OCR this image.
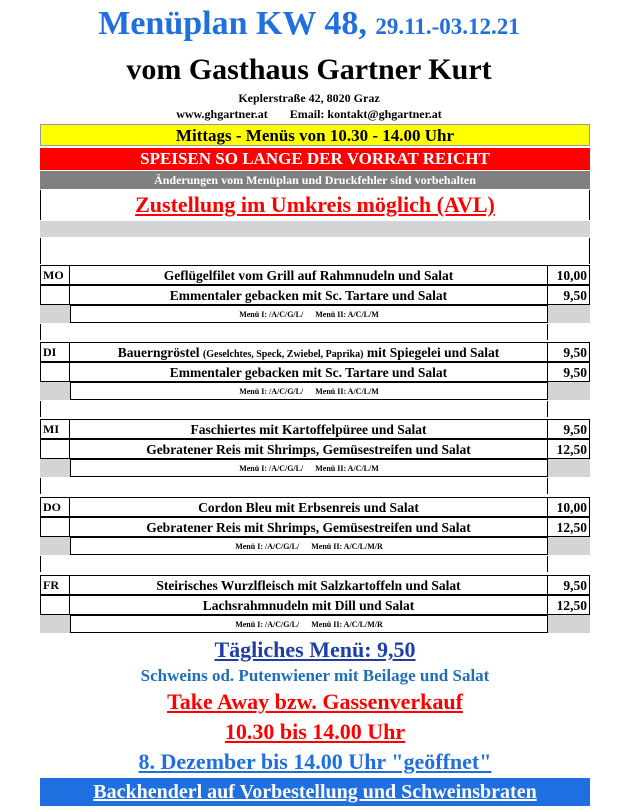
Menüplan KW 48, 29.11.-03.12.21
vom Gasthaus Gartner Kurt
Keplerstraße 42, 8020 Graz
www.ghgartner.at Email: kontakt@ghgartner.at
Mittags - Menüs von 10.30 - 14.00 Uhr
SPEISEN SO LANGE DER VORRAT REICHT
Änderungen vom Menüplan und Druckfehler sind vorbehalten
Zustellung im Umkreis möglich (AVL)
MO	Geflügelfilet vom Grill auf Rahmnudeln und Salat	10,00
Emmentaler gebacken mit Sc. Tartare und Salat	9,50
Menü I: /A/C/G/L/ Menü II: A/C/L/M
DI	Bauerngröstel (Geselchtes, Speck, Zwiebel, Paprika) mit Spiegelei und Salat	9,50
Emmentaler gebacken mit Sc. Tartare und Salat	9,50
Menü I: /A/C/G/L/ Menü II: A/C/L/M
MI	Faschiertes mit Kartoffelpüree und Salat	9,50
Gebratener Reis mit Shrimps, Gemüsestreifen und Salat	12,50
Menü I: /A/C/G/L/ Menü II: A/C/L/M
DO	Cordon Bleu mit Erbsenreis und Salat	10,00
Gebratener Reis mit Shrimps, Gemüsestreifen und Salat	12,50
Menü I: /A/C/G/L/ Menü II: A/C/L/M/R
FR	Steirisches Wurzlfleisch mit Salzkartoffeln und Salat	9,50
Lachsrahmnudeln mit Dill und Salat	12,50
Menü I: /A/C/G/L/ Menü II: A/C/L/M/R
Tägliches Menü: 9,50
Schweins od. Putenwiener mit Beilage und Salat
Take Away bzw. Gassenverkauf
10.30 bis 14.00 Uhr
8. Dezember bis 14.00 Uhr "geöffnet"
Backhenderl auf Vorbestellung und Schweinsbraten
